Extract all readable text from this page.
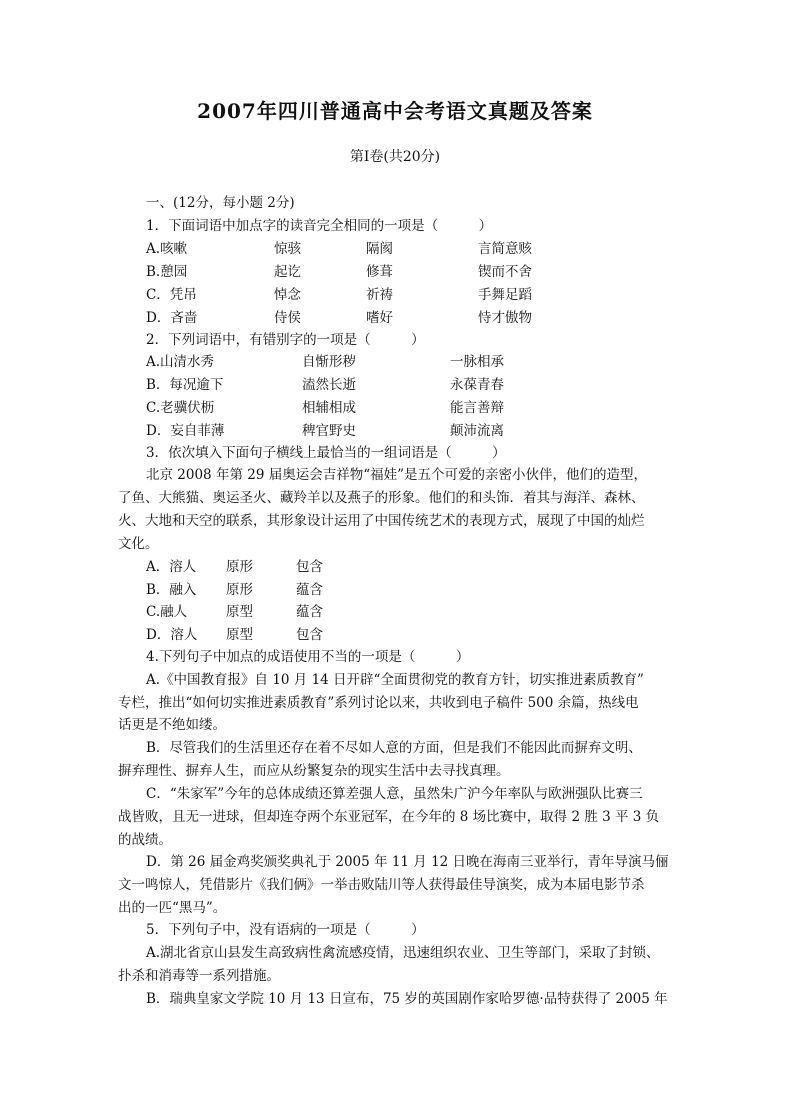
2007年四川普通高中会考语文真题及答案
第Ⅰ卷(共20分)
一、(12分，每小题 2分)
1．下面词语中加点字的读音完全相同的一项是（　　　）
A.咳嗽	惊骇	隔阂	言简意赅
B.憩园	起讫	修葺	锲而不舍
C．凭吊	悼念	祈祷	手舞足蹈
D．吝啬	侍侯	嗜好	恃才傲物
2．下列词语中，有错别字的一项是（　　　）
A.山清水秀	自惭形秽	一脉相承
B．每况逾下	溘然长逝	永葆青春
C.老骥伏枥	相辅相成	能言善辩
D．妄自菲薄	稗官野史	颠沛流离
3．依次填入下面句子横线上最恰当的一组词语是（　　　）
北京 2008 年第 29 届奥运会吉祥物“福娃”是五个可爱的亲密小伙伴，他们的造型，
了鱼、大熊猫、奥运圣火、藏羚羊以及燕子的形象。他们的和头饰．着其与海洋、森林、
火、大地和天空的联系，其形象设计运用了中国传统艺术的表现方式，展现了中国的灿烂
文化。
A．溶人 原形	包含
B．融入 原形	蕴含
C.融人	原型	蕴含
D．溶人 原型	包含
4.下列句子中加点的成语使用不当的一项是（　　　）
A.《中国教育报》自 10 月 14 日开辟“全面贯彻党的教育方针，切实推进素质教育”
专栏，推出“如何切实推进素质教育”系列讨论以来，共收到电子稿件 500 余篇，热线电
话更是不绝如缕。
B．尽管我们的生活里还存在着不尽如人意的方面，但是我们不能因此而摒弃文明、
摒弃理性、摒弃人生，而应从纷繁复杂的现实生活中去寻找真理。
C．“朱家军”今年的总体成绩还算差强人意，虽然朱广沪今年率队与欧洲强队比赛三
战皆败，且无一进球，但却连夺两个东亚冠军，在今年的 8 场比赛中，取得 2 胜 3 平 3 负
的战绩。
D．第 26 届金鸡奖颁奖典礼于 2005 年 11 月 12 日晚在海南三亚举行，青年导演马俪
文一鸣惊人，凭借影片《我们俩》一举击败陆川等人获得最佳导演奖，成为本届电影节杀
出的一匹“黑马”。
5．下列句子中，没有语病的一项是（　　　）
A.湖北省京山县发生高致病性禽流感疫情，迅速组织农业、卫生等部门，采取了封锁、
扑杀和消毒等一系列措施。
B．瑞典皇家文学院 10 月 13 日宣布，75 岁的英国剧作家哈罗德·品特获得了 2005 年
